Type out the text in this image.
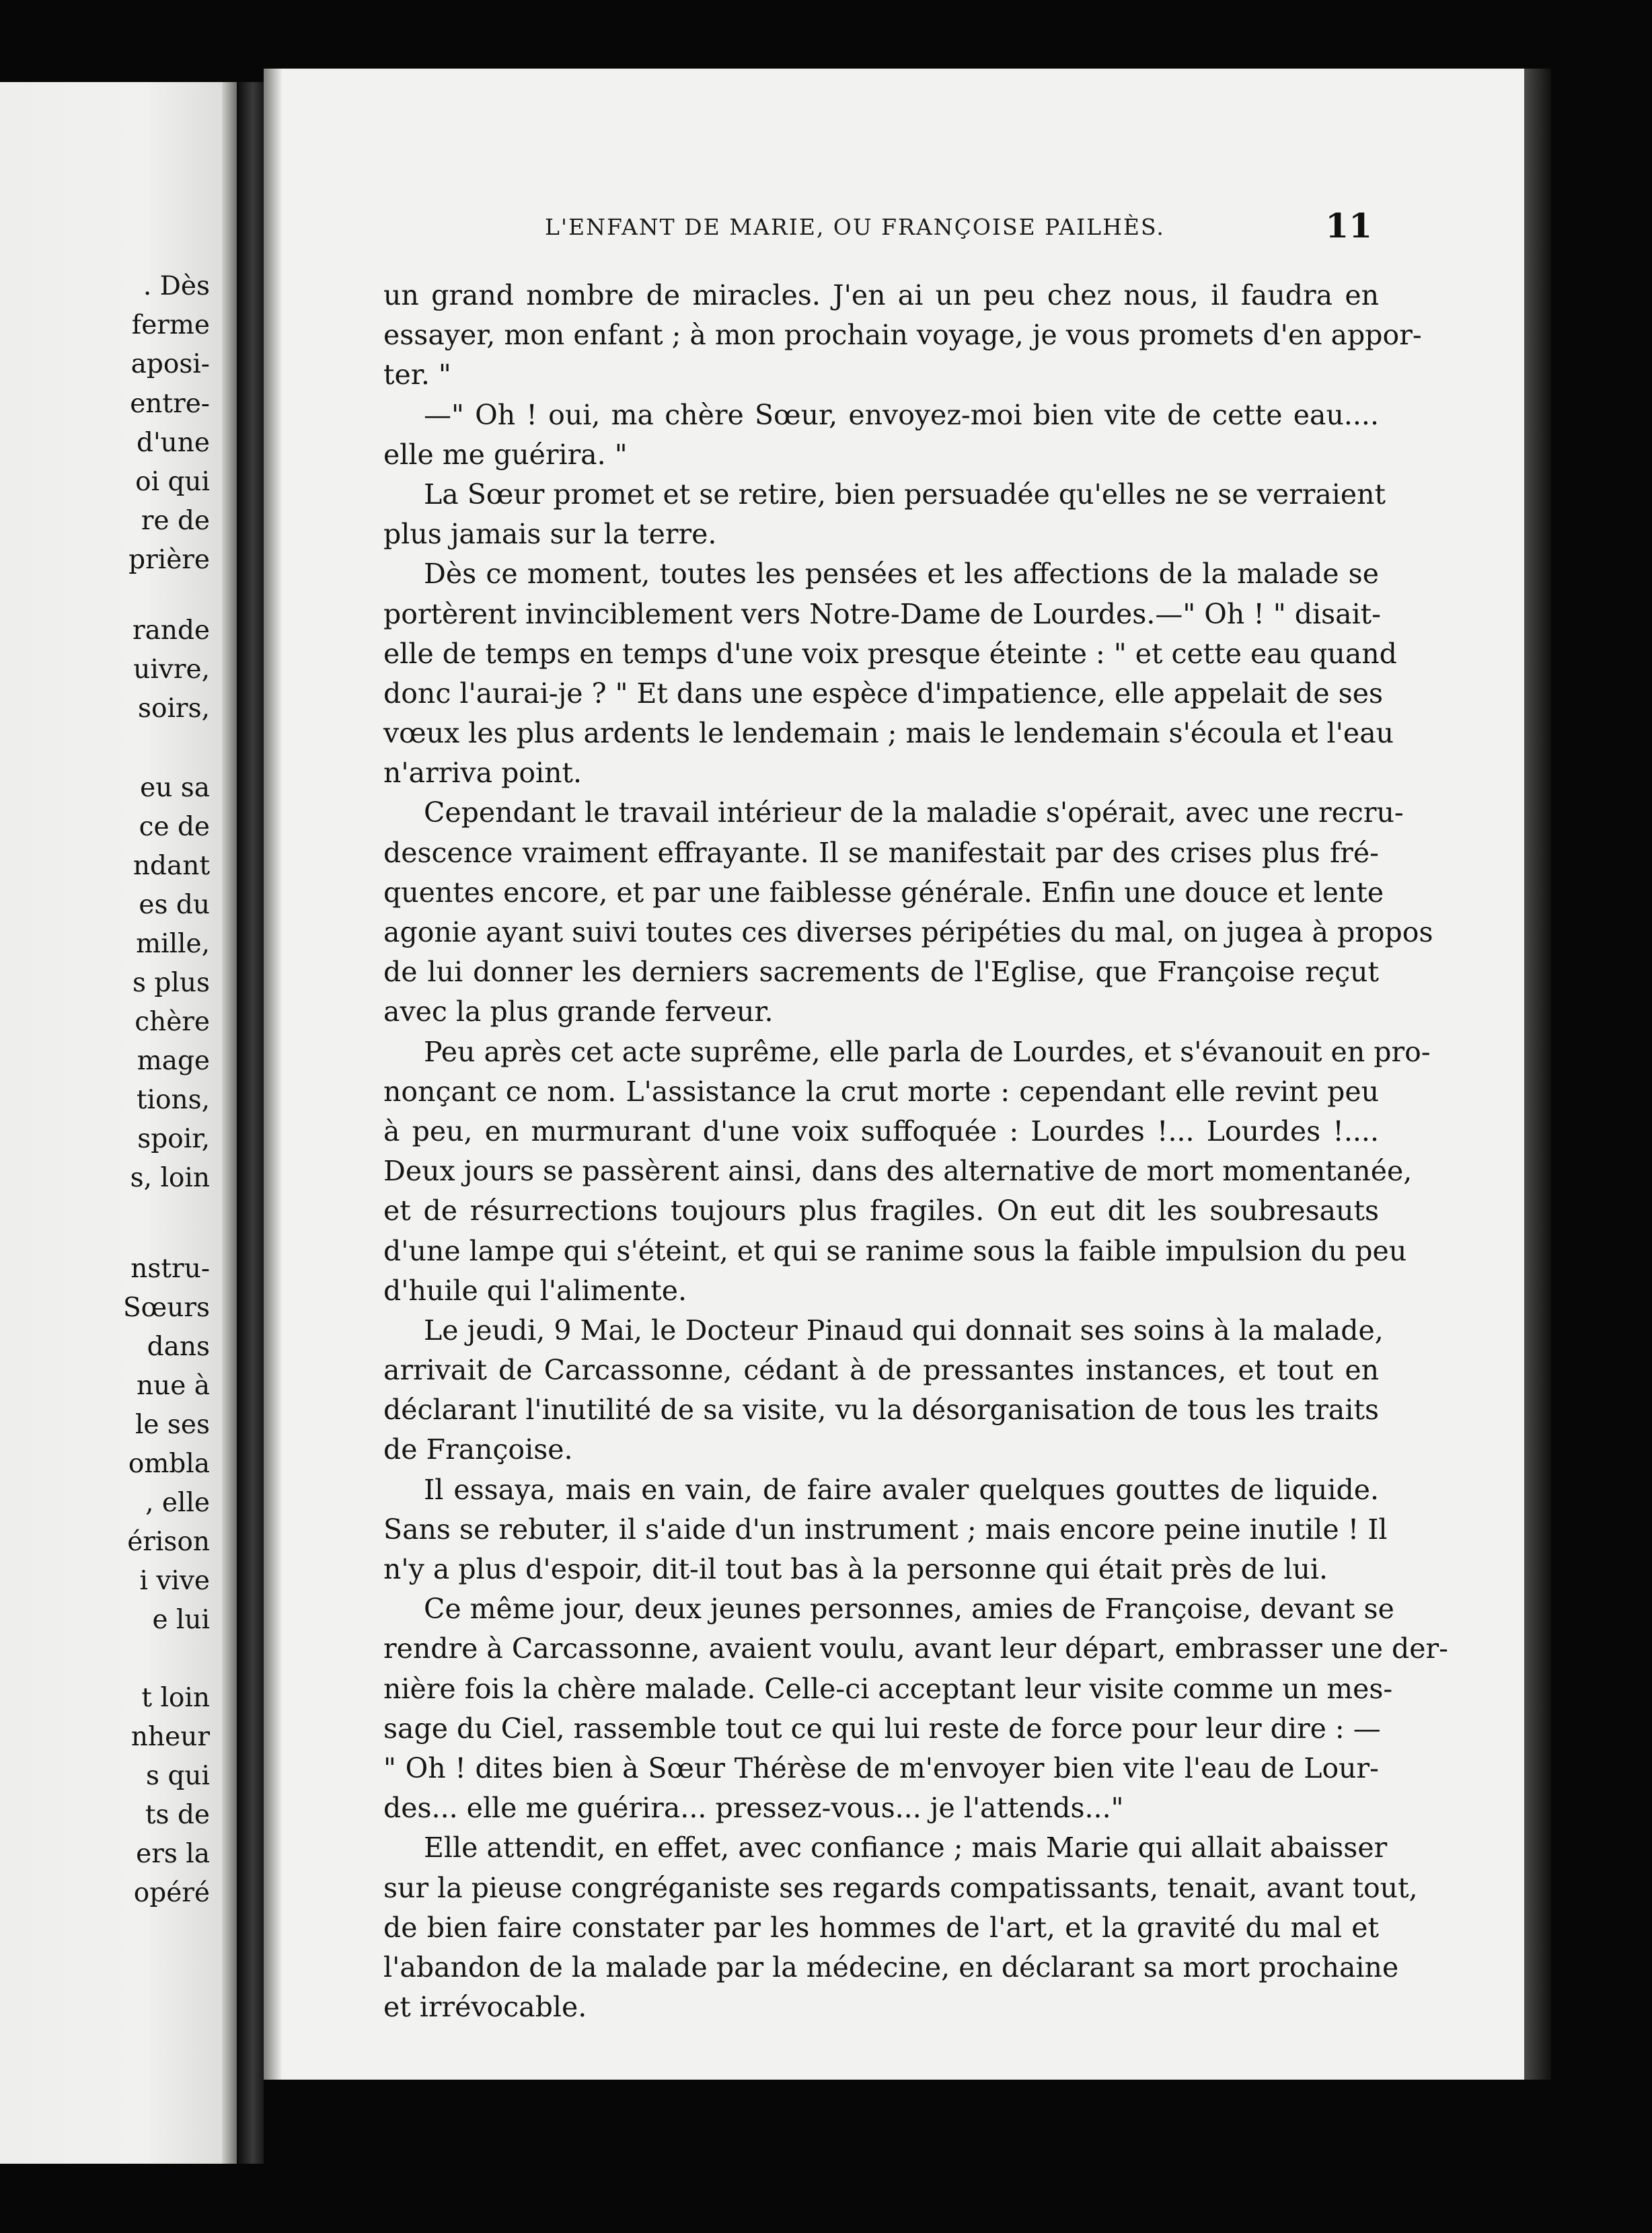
. Dès

ferme

aposi-

entre-

d'une

oi qui

re de

prière

rande

uivre,

soirs,

eu sa

ce de

ndant

es du

mille,

s plus

chère

mage

tions,

spoir,

s, loin

nstru-

Sœurs

dans

nue à

le ses

ombla

, elle

érison

i vive

e lui

t loin

nheur

s qui

ts de

ers la

opéré

L'ENFANT DE MARIE, OU FRANÇOISE PAILHÈS.	11

un grand nombre de miracles. J'en ai un peu chez nous, il faudra en
essayer, mon enfant ; à mon prochain voyage, je vous promets d'en appor-
ter. "
—" Oh ! oui, ma chère Sœur, envoyez-moi bien vite de cette eau....
elle me guérira. "
La Sœur promet et se retire, bien persuadée qu'elles ne se verraient
plus jamais sur la terre.
Dès ce moment, toutes les pensées et les affections de la malade se
portèrent invinciblement vers Notre-Dame de Lourdes.—" Oh ! " disait-
elle de temps en temps d'une voix presque éteinte : " et cette eau quand
donc l'aurai-je ? " Et dans une espèce d'impatience, elle appelait de ses
vœux les plus ardents le lendemain ; mais le lendemain s'écoula et l'eau
n'arriva point.
Cependant le travail intérieur de la maladie s'opérait, avec une recru-
descence vraiment effrayante. Il se manifestait par des crises plus fré-
quentes encore, et par une faiblesse générale. Enfin une douce et lente
agonie ayant suivi toutes ces diverses péripéties du mal, on jugea à propos
de lui donner les derniers sacrements de l'Eglise, que Françoise reçut
avec la plus grande ferveur.
Peu après cet acte suprême, elle parla de Lourdes, et s'évanouit en pro-
nonçant ce nom. L'assistance la crut morte : cependant elle revint peu
à peu, en murmurant d'une voix suffoquée : Lourdes !... Lourdes !....
Deux jours se passèrent ainsi, dans des alternative de mort momentanée,
et de résurrections toujours plus fragiles. On eut dit les soubresauts
d'une lampe qui s'éteint, et qui se ranime sous la faible impulsion du peu
d'huile qui l'alimente.
Le jeudi, 9 Mai, le Docteur Pinaud qui donnait ses soins à la malade,
arrivait de Carcassonne, cédant à de pressantes instances, et tout en
déclarant l'inutilité de sa visite, vu la désorganisation de tous les traits
de Françoise.
Il essaya, mais en vain, de faire avaler quelques gouttes de liquide.
Sans se rebuter, il s'aide d'un instrument ; mais encore peine inutile ! Il
n'y a plus d'espoir, dit-il tout bas à la personne qui était près de lui.
Ce même jour, deux jeunes personnes, amies de Françoise, devant se
rendre à Carcassonne, avaient voulu, avant leur départ, embrasser une der-
nière fois la chère malade. Celle-ci acceptant leur visite comme un mes-
sage du Ciel, rassemble tout ce qui lui reste de force pour leur dire : —
" Oh ! dites bien à Sœur Thérèse de m'envoyer bien vite l'eau de Lour-
des... elle me guérira... pressez-vous... je l'attends..."
Elle attendit, en effet, avec confiance ; mais Marie qui allait abaisser
sur la pieuse congréganiste ses regards compatissants, tenait, avant tout,
de bien faire constater par les hommes de l'art, et la gravité du mal et
l'abandon de la malade par la médecine, en déclarant sa mort prochaine
et irrévocable.
